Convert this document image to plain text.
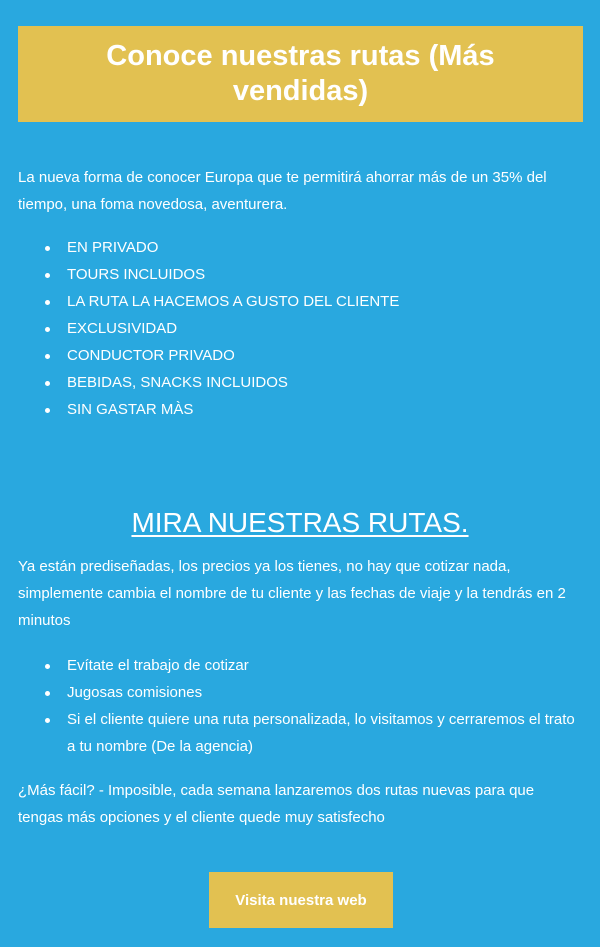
Conoce nuestras rutas (Más vendidas)

La nueva forma de conocer Europa que te permitirá ahorrar más de un 35% del tiempo, una foma novedosa, aventurera.

EN PRIVADO
TOURS INCLUIDOS
LA RUTA LA HACEMOS A GUSTO DEL CLIENTE
EXCLUSIVIDAD
CONDUCTOR PRIVADO
BEBIDAS, SNACKS INCLUIDOS
SIN GASTAR MÀS
MIRA NUESTRAS RUTAS.

Ya están prediseñadas, los precios ya los tienes, no hay que cotizar nada, simplemente cambia el nombre de tu cliente y las fechas de viaje y la tendrás en 2 minutos

Evítate el trabajo de cotizar
Jugosas comisiones
Si el cliente quiere una ruta personalizada, lo visitamos y cerraremos el trato a tu nombre (De la agencia)

¿Más fácil? - Imposible, cada semana lanzaremos dos rutas nuevas para que tengas más opciones y el cliente quede muy satisfecho

Visita nuestra web
